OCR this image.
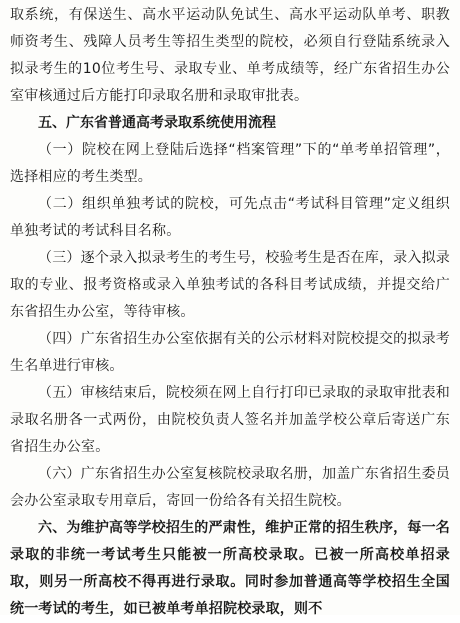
取系统，有保送生、高水平运动队免试生、高水平运动队单考、职教师资考生、残障人员考生等招生类型的院校，必须自行登陆系统录入拟录考生的10位考生号、录取专业、单考成绩等，经广东省招生办公室审核通过后方能打印录取名册和录取审批表。

五、广东省普通高考录取系统使用流程

（一）院校在网上登陆后选择“档案管理”下的“单考单招管理”，选择相应的考生类型。

（二）组织单独考试的院校，可先点击“考试科目管理”定义组织单独考试的考试科目名称。

（三）逐个录入拟录考生的考生号，校验考生是否在库，录入拟录取的专业、报考资格或录入单独考试的各科目考试成绩，并提交给广东省招生办公室，等待审核。

（四）广东省招生办公室依据有关的公示材料对院校提交的拟录考生名单进行审核。

（五）审核结束后，院校须在网上自行打印已录取的录取审批表和录取名册各一式两份，由院校负责人签名并加盖学校公章后寄送广东省招生办公室。

（六）广东省招生办公室复核院校录取名册，加盖广东省招生委员会办公室录取专用章后，寄回一份给各有关招生院校。

六、为维护高等学校招生的严肃性，维护正常的招生秩序，每一名录取的非统一考试考生只能被一所高校录取。已被一所高校单招录取，则另一所高校不得再进行录取。同时参加普通高等学校招生全国统一考试的考生，如已被单考单招院校录取，则不
